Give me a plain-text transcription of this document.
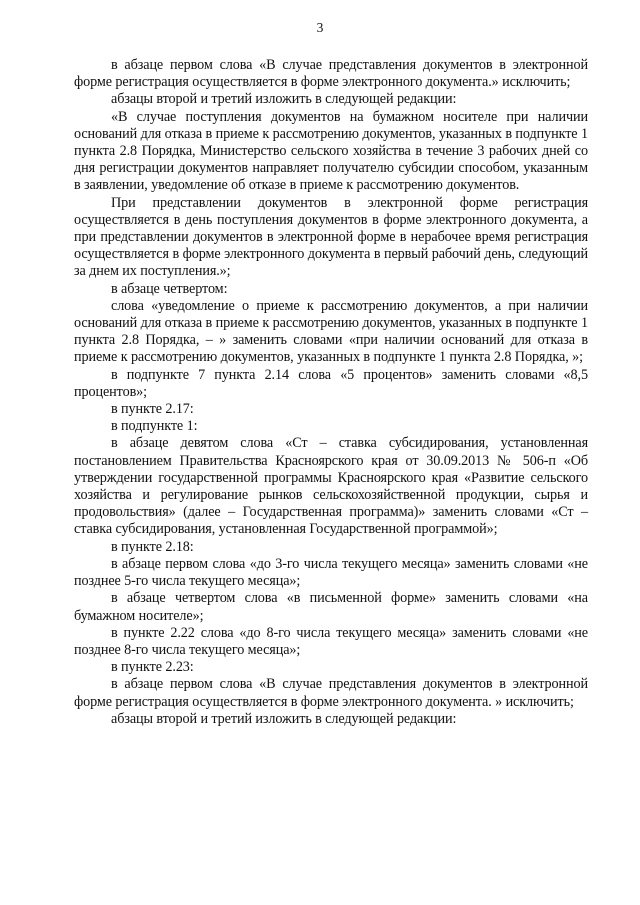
3

в абзаце первом слова «В случае представления документов в электронной форме регистрация осуществляется в форме электронного документа.» исключить;

абзацы второй и третий изложить в следующей редакции:

«В случае поступления документов на бумажном носителе при наличии оснований для отказа в приеме к рассмотрению документов, указанных в подпункте 1 пункта 2.8 Порядка, Министерство сельского хозяйства в течение 3 рабочих дней со дня регистрации документов направляет получателю субсидии способом, указанным в заявлении, уведомление об отказе в приеме к рассмотрению документов.

При представлении документов в электронной форме регистрация осуществляется в день поступления документов в форме электронного документа, а при представлении документов в электронной форме в нерабочее время регистрация осуществляется в форме электронного документа в первый рабочий день, следующий за днем их поступления.»;

в абзаце четвертом:

слова «уведомление о приеме к рассмотрению документов, а при наличии оснований для отказа в приеме к рассмотрению документов, указанных в подпункте 1 пункта 2.8 Порядка, – » заменить словами «при наличии оснований для отказа в приеме к рассмотрению документов, указанных в подпункте 1 пункта 2.8 Порядка, »;

в подпункте 7 пункта 2.14 слова «5 процентов» заменить словами «8,5 процентов»;

в пункте 2.17:

в подпункте 1:

в абзаце девятом слова «Ст – ставка субсидирования, установленная постановлением Правительства Красноярского края от 30.09.2013 № 506-п «Об утверждении государственной программы Красноярского края «Развитие сельского хозяйства и регулирование рынков сельскохозяйственной продукции, сырья и продовольствия» (далее – Государственная программа)» заменить словами «Ст – ставка субсидирования, установленная Государственной программой»;

в пункте 2.18:

в абзаце первом слова «до 3-го числа текущего месяца» заменить словами «не позднее 5-го числа текущего месяца»;

в абзаце четвертом слова «в письменной форме» заменить словами «на бумажном носителе»;

в пункте 2.22 слова «до 8-го числа текущего месяца» заменить словами «не позднее 8-го числа текущего месяца»;

в пункте 2.23:

в абзаце первом слова «В случае представления документов в электронной форме регистрация осуществляется в форме электронного документа. » исключить;

абзацы второй и третий изложить в следующей редакции:
